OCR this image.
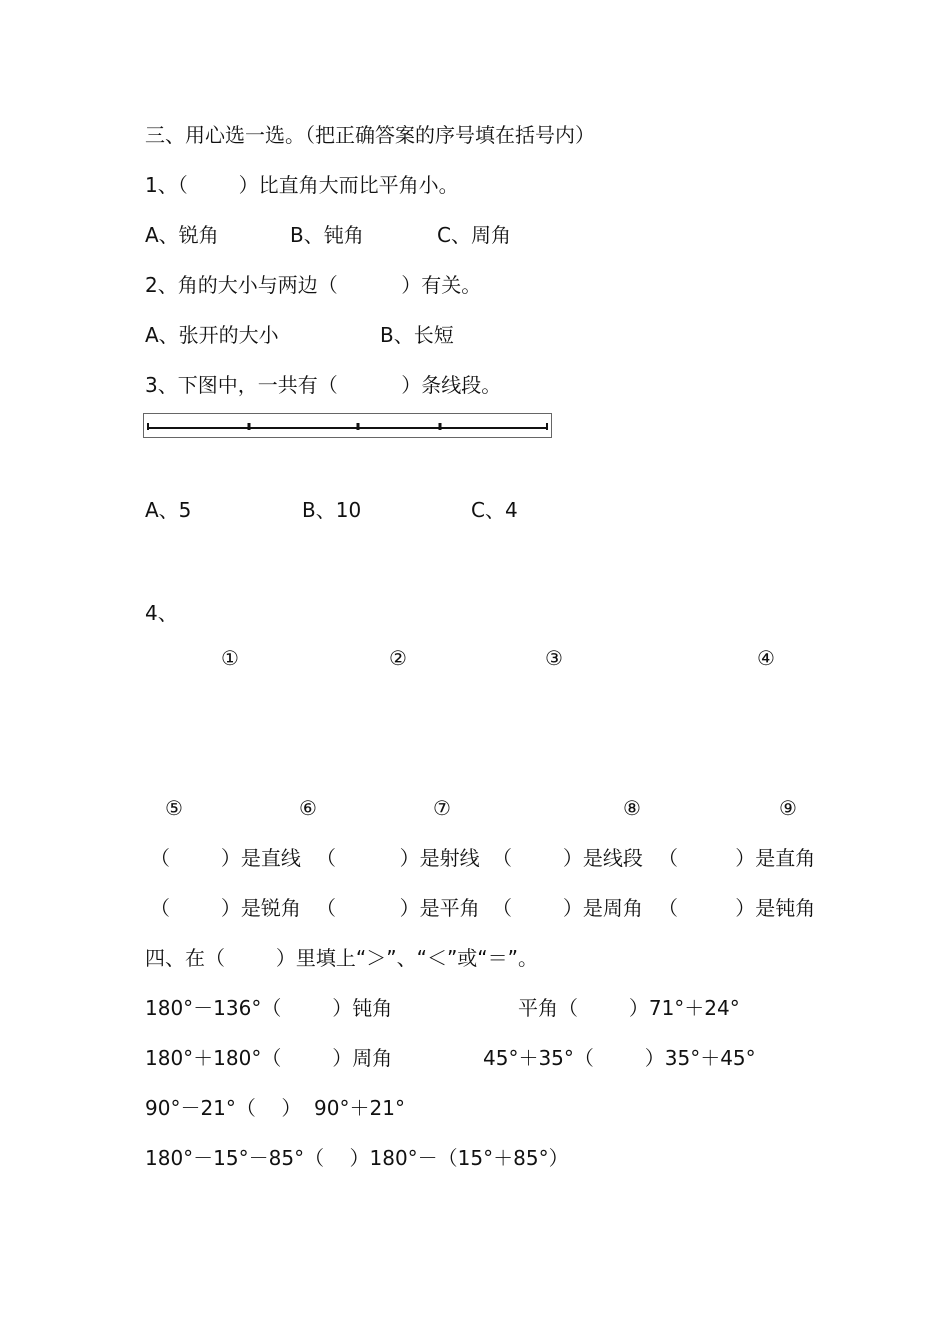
三、用心选一选。（把正确答案的序号填在括号内）
1、（        ）比直角大而比平角小。
A、锐角	B、钝角	C、周角
2、角的大小与两边（          ）有关。
A、张开的大小	B、长短
3、下图中，一共有（          ）条线段。
A、5	B、10	C、4
4、
①	②	③	④
⑤	⑥	⑦	⑧	⑨
（        ）是直线 （          ）是射线 （        ）是线段 （         ）是直角
（        ）是锐角 （          ）是平角 （        ）是周角 （         ）是钝角
四、在（        ）里填上“＞”、“＜”或“＝”。
180°－136°（        ）钝角	平角（        ）71°＋24°
180°＋180°（        ）周角	45°＋35°（        ）35°＋45°
90°－21°（    ）  90°＋21°
180°－15°－85°（    ）180°－（15°＋85°）
